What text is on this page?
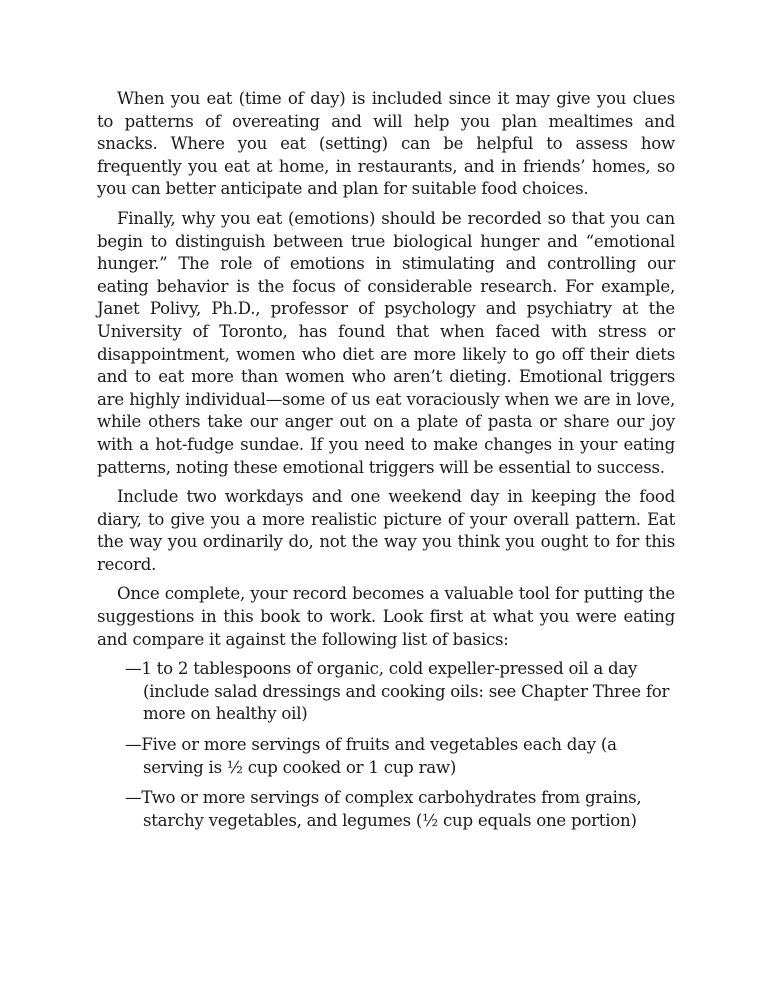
When you eat (time of day) is included since it may give you clues to patterns of overeating and will help you plan mealtimes and snacks. Where you eat (setting) can be helpful to assess how frequently you eat at home, in restaurants, and in friends’ homes, so you can better anticipate and plan for suitable food choices.

Finally, why you eat (emotions) should be recorded so that you can begin to distinguish between true biological hunger and “emotional hunger.” The role of emotions in stimulating and controlling our eating behavior is the focus of considerable research. For example, Janet Polivy, Ph.D., professor of psychology and psychiatry at the University of Toronto, has found that when faced with stress or disappointment, women who diet are more likely to go off their diets and to eat more than women who aren’t dieting. Emotional triggers are highly individual—some of us eat voraciously when we are in love, while others take our anger out on a plate of pasta or share our joy with a hot-fudge sundae. If you need to make changes in your eating patterns, noting these emotional triggers will be essential to success.

Include two workdays and one weekend day in keeping the food diary, to give you a more realistic picture of your overall pattern. Eat the way you ordinarily do, not the way you think you ought to for this record.

Once complete, your record becomes a valuable tool for putting the suggestions in this book to work. Look first at what you were eating and compare it against the following list of basics:

—1 to 2 tablespoons of organic, cold expeller-pressed oil a day (include salad dressings and cooking oils: see Chapter Three for more on healthy oil)
—Five or more servings of fruits and vegetables each day (a serving is ½ cup cooked or 1 cup raw)
—Two or more servings of complex carbohydrates from grains, starchy vegetables, and legumes (½ cup equals one portion)
